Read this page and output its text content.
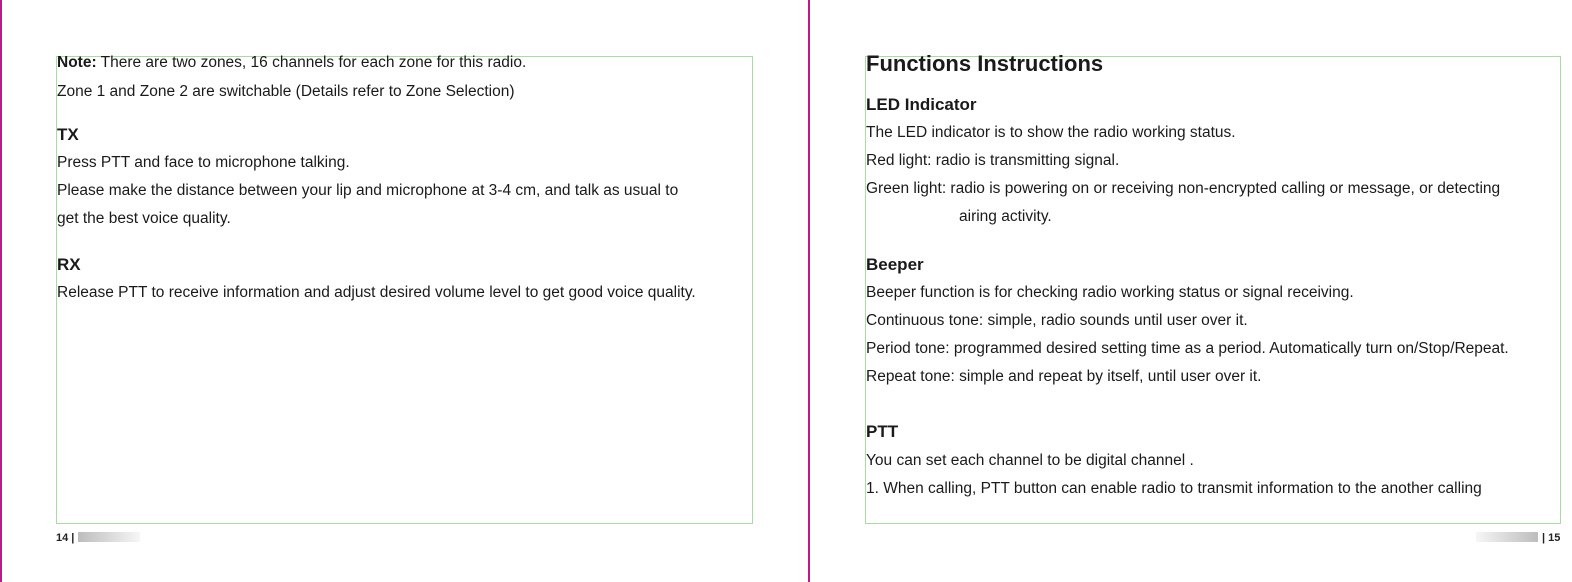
Note: There are two zones, 16 channels for each zone for this radio.
Zone 1 and Zone 2 are switchable (Details refer to Zone Selection)
TX
Press PTT and face to microphone talking.
Please make the distance between your lip and microphone at 3-4 cm, and talk as usual to
get the best voice quality.
RX
Release PTT to receive information and adjust desired volume level to get good voice quality.
Functions Instructions
LED Indicator
The LED indicator is to show the radio working status.
Red light: radio is transmitting signal.
Green light: radio is powering on or receiving non-encrypted calling or message, or detecting
airing activity.
Beeper
Beeper function is for checking radio working status or signal receiving.
Continuous tone: simple, radio sounds until user over it.
Period tone: programmed desired setting time as a period. Automatically turn on/Stop/Repeat.
Repeat tone: simple and repeat by itself, until user over it.
PTT
You can set each channel to be digital channel .
1. When calling, PTT button can enable radio to transmit information to the another calling
14 |	| 15
